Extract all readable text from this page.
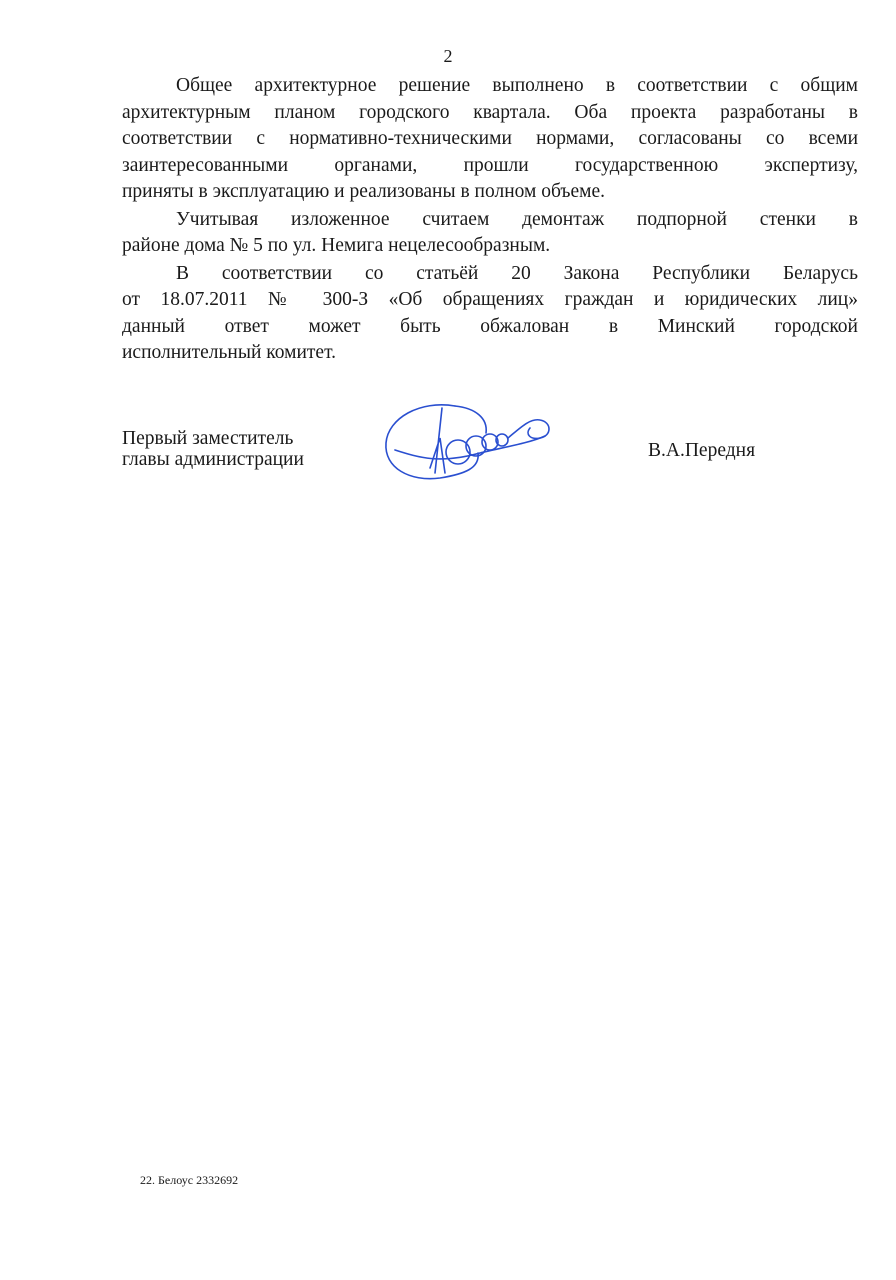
2
Общее архитектурное решение выполнено в соответствии с общим
архитектурным планом городского квартала. Оба проекта разработаны в
соответствии с нормативно-техническими нормами, согласованы со всеми
заинтересованными органами, прошли государственною экспертизу,
приняты в эксплуатацию и реализованы в полном объеме.
Учитывая изложенное считаем демонтаж подпорной стенки в
районе дома № 5 по ул. Немига нецелесообразным.
В соответствии со статьёй 20 Закона Республики Беларусь
от 18.07.2011 № 300-З «Об обращениях граждан и юридических лиц»
данный ответ может быть обжалован в Минский городской
исполнительный комитет.
Первый заместитель
главы администрации	В.А.Передня
22. Белоус 2332692
